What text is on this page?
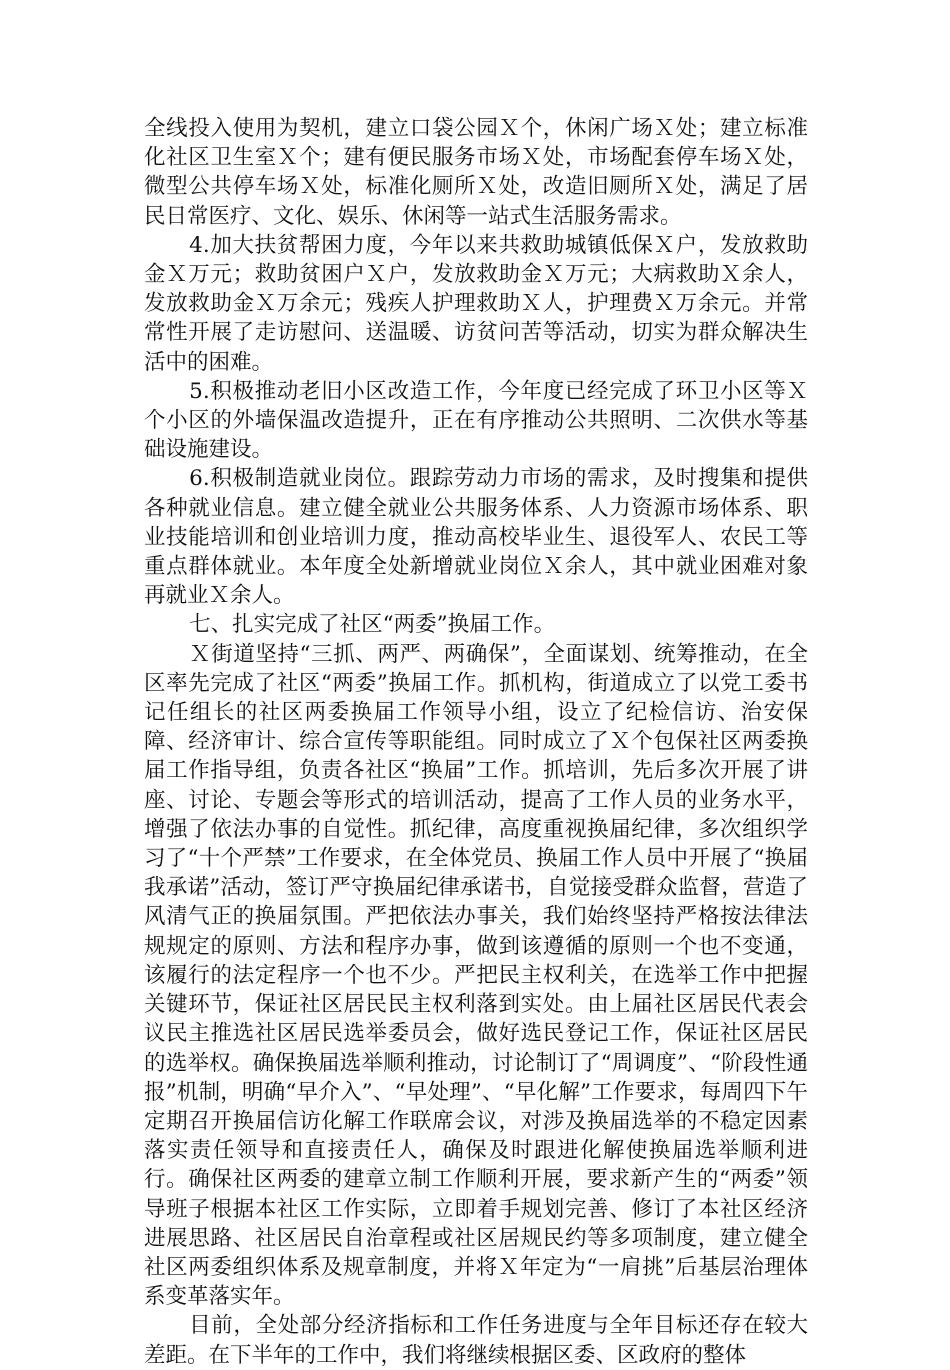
全线投入使用为契机，建立口袋公园Ｘ个，休闲广场Ｘ处；建立标准化社区卫生室Ｘ个；建有便民服务市场Ｘ处，市场配套停车场Ｘ处，微型公共停车场Ｘ处，标准化厕所Ｘ处，改造旧厕所Ｘ处，满足了居民日常医疗、文化、娱乐、休闲等一站式生活服务需求。

4.加大扶贫帮困力度，今年以来共救助城镇低保Ｘ户，发放救助金Ｘ万元；救助贫困户Ｘ户，发放救助金Ｘ万元；大病救助Ｘ余人，发放救助金Ｘ万余元；残疾人护理救助Ｘ人，护理费Ｘ万余元。并常常性开展了走访慰问、送温暖、访贫问苦等活动，切实为群众解决生活中的困难。

5.积极推动老旧小区改造工作，今年度已经完成了环卫小区等Ｘ个小区的外墙保温改造提升，正在有序推动公共照明、二次供水等基础设施建设。

6.积极制造就业岗位。跟踪劳动力市场的需求，及时搜集和提供各种就业信息。建立健全就业公共服务体系、人力资源市场体系、职业技能培训和创业培训力度，推动高校毕业生、退役军人、农民工等重点群体就业。本年度全处新增就业岗位Ｘ余人，其中就业困难对象再就业Ｘ余人。

七、扎实完成了社区“两委”换届工作。

Ｘ街道坚持“三抓、两严、两确保”，全面谋划、统筹推动，在全区率先完成了社区“两委”换届工作。抓机构，街道成立了以党工委书记任组长的社区两委换届工作领导小组，设立了纪检信访、治安保障、经济审计、综合宣传等职能组。同时成立了Ｘ个包保社区两委换届工作指导组，负责各社区“换届”工作。抓培训，先后多次开展了讲座、讨论、专题会等形式的培训活动，提高了工作人员的业务水平，增强了依法办事的自觉性。抓纪律，高度重视换届纪律，多次组织学习了“十个严禁”工作要求，在全体党员、换届工作人员中开展了“换届我承诺”活动，签订严守换届纪律承诺书，自觉接受群众监督，营造了风清气正的换届氛围。严把依法办事关，我们始终坚持严格按法律法规规定的原则、方法和程序办事，做到该遵循的原则一个也不变通，该履行的法定程序一个也不少。严把民主权利关，在选举工作中把握关键环节，保证社区居民民主权利落到实处。由上届社区居民代表会议民主推选社区居民选举委员会，做好选民登记工作，保证社区居民的选举权。确保换届选举顺利推动，讨论制订了“周调度”、“阶段性通报”机制，明确“早介入”、“早处理”、“早化解”工作要求，每周四下午定期召开换届信访化解工作联席会议，对涉及换届选举的不稳定因素落实责任领导和直接责任人，确保及时跟进化解使换届选举顺利进行。确保社区两委的建章立制工作顺利开展，要求新产生的“两委”领导班子根据本社区工作实际，立即着手规划完善、修订了本社区经济进展思路、社区居民自治章程或社区居规民约等多项制度，建立健全社区两委组织体系及规章制度，并将Ｘ年定为“一肩挑”后基层治理体系变革落实年。

目前，全处部分经济指标和工作任务进度与全年目标还存在较大差距。在下半年的工作中，我们将继续根据区委、区政府的整体
